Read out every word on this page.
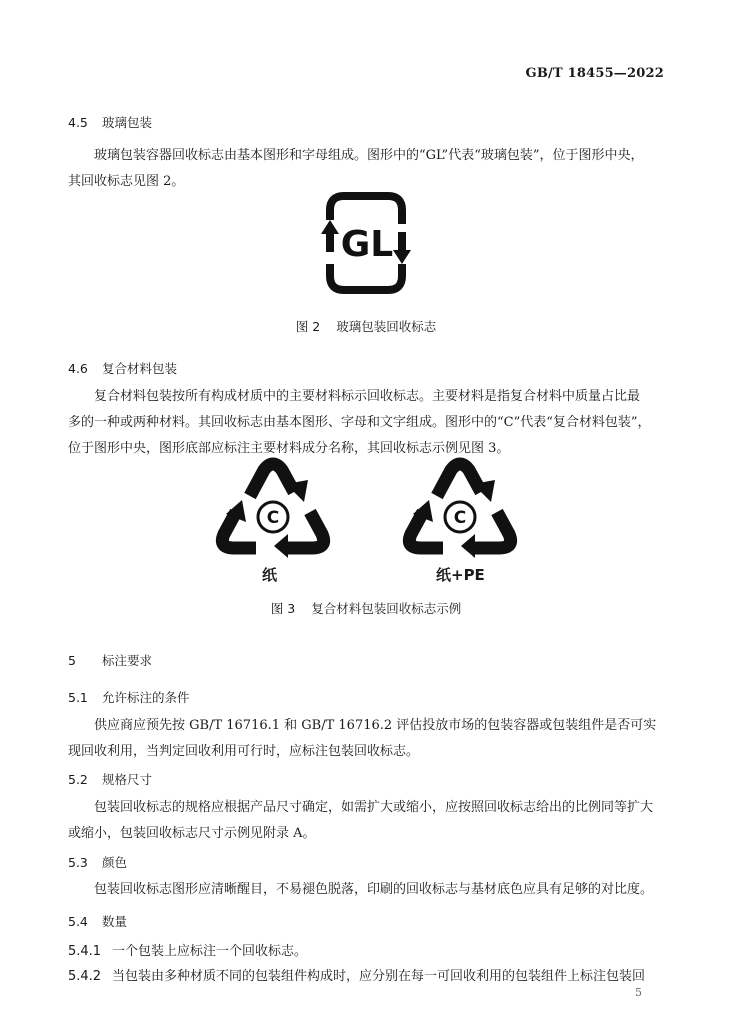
GB/T 18455—2022
4.5 玻璃包装
玻璃包装容器回收标志由基本图形和字母组成。图形中的“GL”代表“玻璃包装”，位于图形中央，
其回收标志见图 2。
GL
图 2 玻璃包装回收标志
4.6 复合材料包装
复合材料包装按所有构成材质中的主要材料标示回收标志。主要材料是指复合材料中质量占比最
多的一种或两种材料。其回收标志由基本图形、字母和文字组成。图形中的“C”代表“复合材料包装”，
位于图形中央，图形底部应标注主要材料成分名称，其回收标志示例见图 3。
C
纸
C
纸+PE
图 3 复合材料包装回收标志示例
5 标注要求
5.1 允许标注的条件
供应商应预先按 GB/T 16716.1 和 GB/T 16716.2 评估投放市场的包装容器或包装组件是否可实
现回收利用，当判定回收利用可行时，应标注包装回收标志。
5.2 规格尺寸
包装回收标志的规格应根据产品尺寸确定，如需扩大或缩小，应按照回收标志给出的比例同等扩大
或缩小，包装回收标志尺寸示例见附录 A。
5.3 颜色
包装回收标志图形应清晰醒目，不易褪色脱落，印刷的回收标志与基材底色应具有足够的对比度。
5.4 数量
5.4.1 一个包装上应标注一个回收标志。
5.4.2 当包装由多种材质不同的包装组件构成时，应分别在每一可回收利用的包装组件上标注包装回
5
